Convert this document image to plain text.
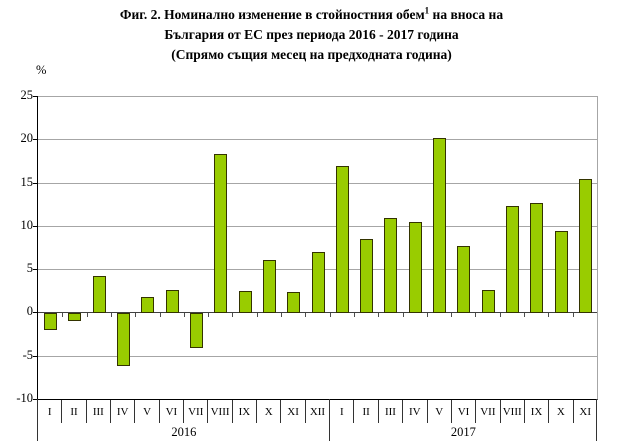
Фиг. 2. Номинално изменение в стойностния обем$^1$ на вноса на
България от ЕС през периода 2016 - 2017 година
(Спрямо същия месец на предходната година)
%
25
20
15
10
5
0
-5
-10
I	II	III	IV	V	VI VII VIII IX	X	XI XII	I	II	III	IV	V	VI VII VIII IX	X	XI
2016	2017
